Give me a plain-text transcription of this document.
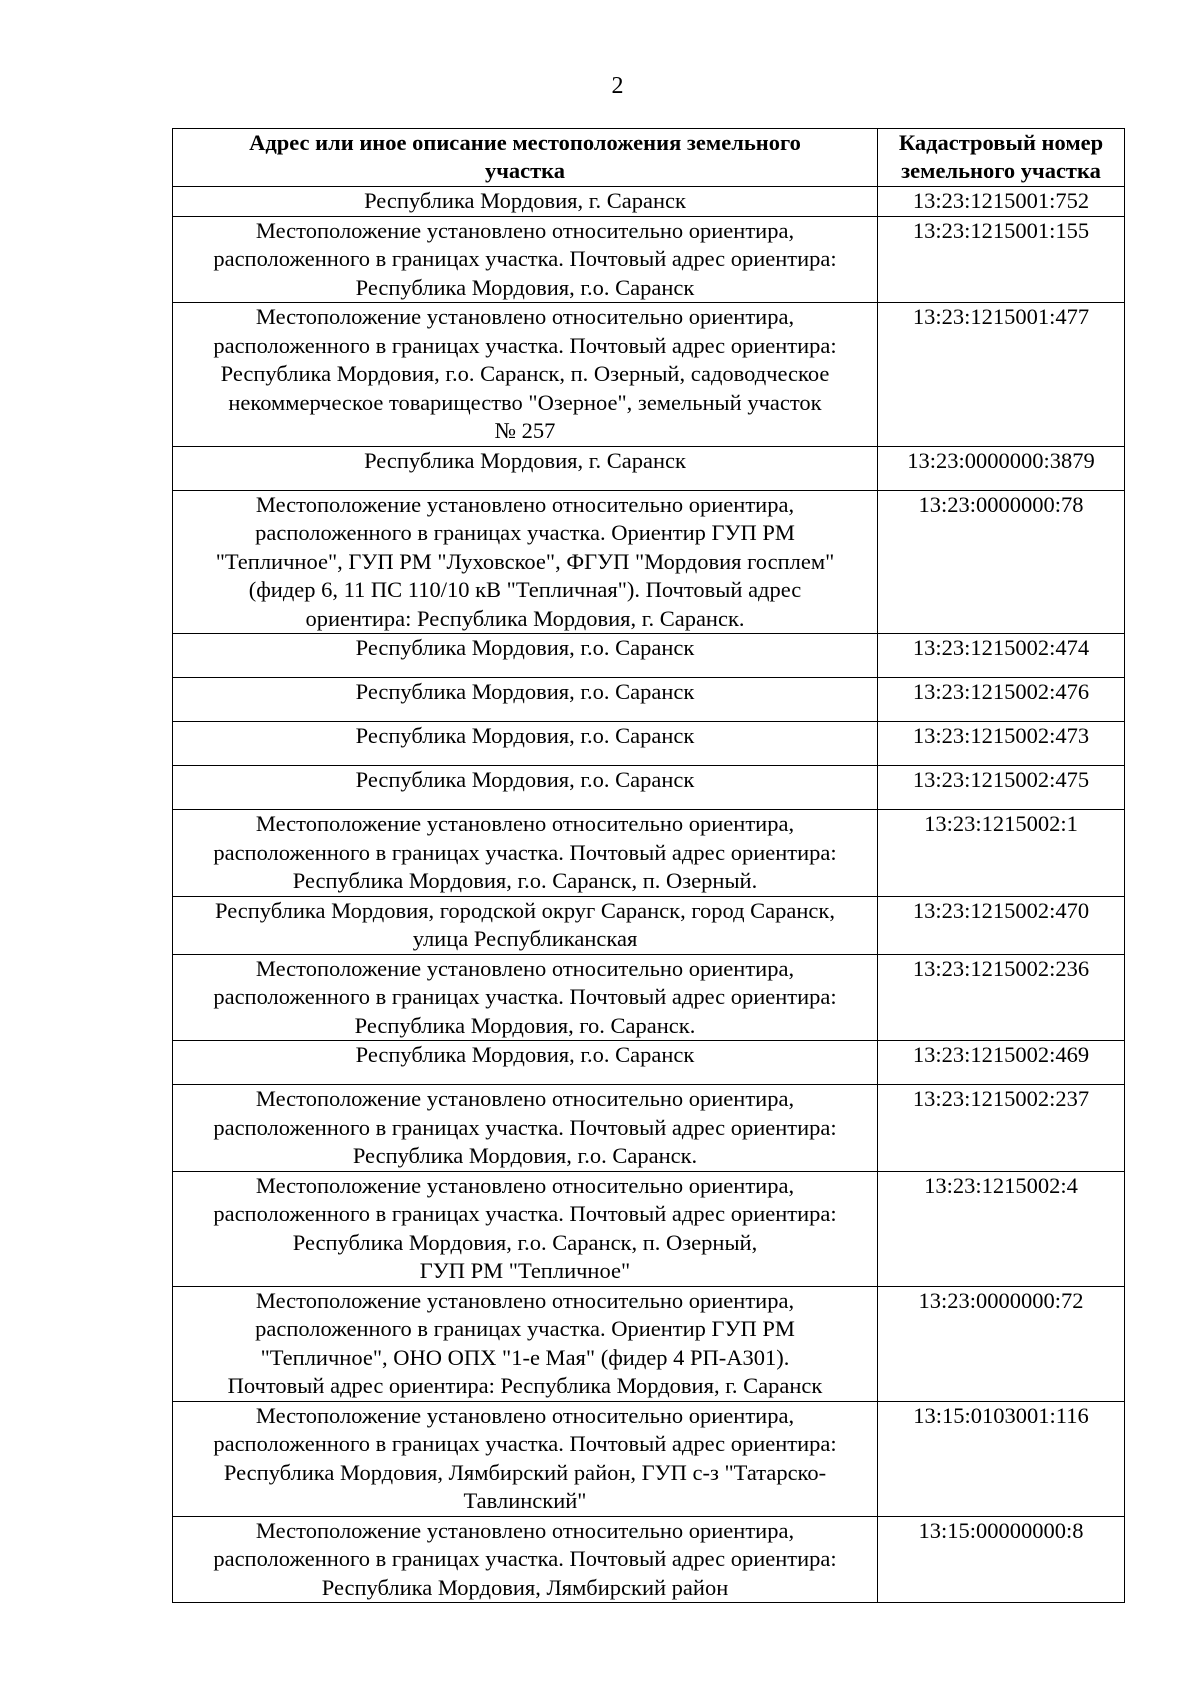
2
Адрес или иное описание местоположения земельного
участка	Кадастровый номер
земельного участка

Республика Мордовия, г. Саранск	13:23:1215001:752

Местоположение установлено относительно ориентира,
расположенного в границах участка. Почтовый адрес ориентира:
Республика Мордовия, г.о. Саранск	13:23:1215001:155

Местоположение установлено относительно ориентира,
расположенного в границах участка. Почтовый адрес ориентира:
Республика Мордовия, г.о. Саранск, п. Озерный, садоводческое
некоммерческое товарищество "Озерное", земельный участок
№ 257	13:23:1215001:477

Республика Мордовия, г. Саранск	13:23:0000000:3879

Местоположение установлено относительно ориентира,
расположенного в границах участка. Ориентир ГУП РМ
"Тепличное", ГУП РМ "Луховское", ФГУП "Мордовия госплем"
(фидер 6, 11 ПС 110/10 кВ "Тепличная"). Почтовый адрес
ориентира: Республика Мордовия, г. Саранск.	13:23:0000000:78

Республика Мордовия, г.о. Саранск	13:23:1215002:474

Республика Мордовия, г.о. Саранск	13:23:1215002:476

Республика Мордовия, г.о. Саранск	13:23:1215002:473

Республика Мордовия, г.о. Саранск	13:23:1215002:475

Местоположение установлено относительно ориентира,
расположенного в границах участка. Почтовый адрес ориентира:
Республика Мордовия, г.о. Саранск, п. Озерный.	13:23:1215002:1

Республика Мордовия, городской округ Саранск, город Саранск,
улица Республиканская	13:23:1215002:470

Местоположение установлено относительно ориентира,
расположенного в границах участка. Почтовый адрес ориентира:
Республика Мордовия, го. Саранск.	13:23:1215002:236

Республика Мордовия, г.о. Саранск	13:23:1215002:469

Местоположение установлено относительно ориентира,
расположенного в границах участка. Почтовый адрес ориентира:
Республика Мордовия, г.о. Саранск.	13:23:1215002:237

Местоположение установлено относительно ориентира,
расположенного в границах участка. Почтовый адрес ориентира:
Республика Мордовия, г.о. Саранск, п. Озерный,
ГУП РМ "Тепличное"	13:23:1215002:4

Местоположение установлено относительно ориентира,
расположенного в границах участка. Ориентир ГУП РМ
"Тепличное", ОНО ОПХ "1-е Мая" (фидер 4 РП-А301).
Почтовый адрес ориентира: Республика Мордовия, г. Саранск	13:23:0000000:72

Местоположение установлено относительно ориентира,
расположенного в границах участка. Почтовый адрес ориентира:
Республика Мордовия, Лямбирский район, ГУП с-з "Татарско-
Тавлинский"	13:15:0103001:116

Местоположение установлено относительно ориентира,
расположенного в границах участка. Почтовый адрес ориентира:
Республика Мордовия, Лямбирский район	13:15:00000000:8
